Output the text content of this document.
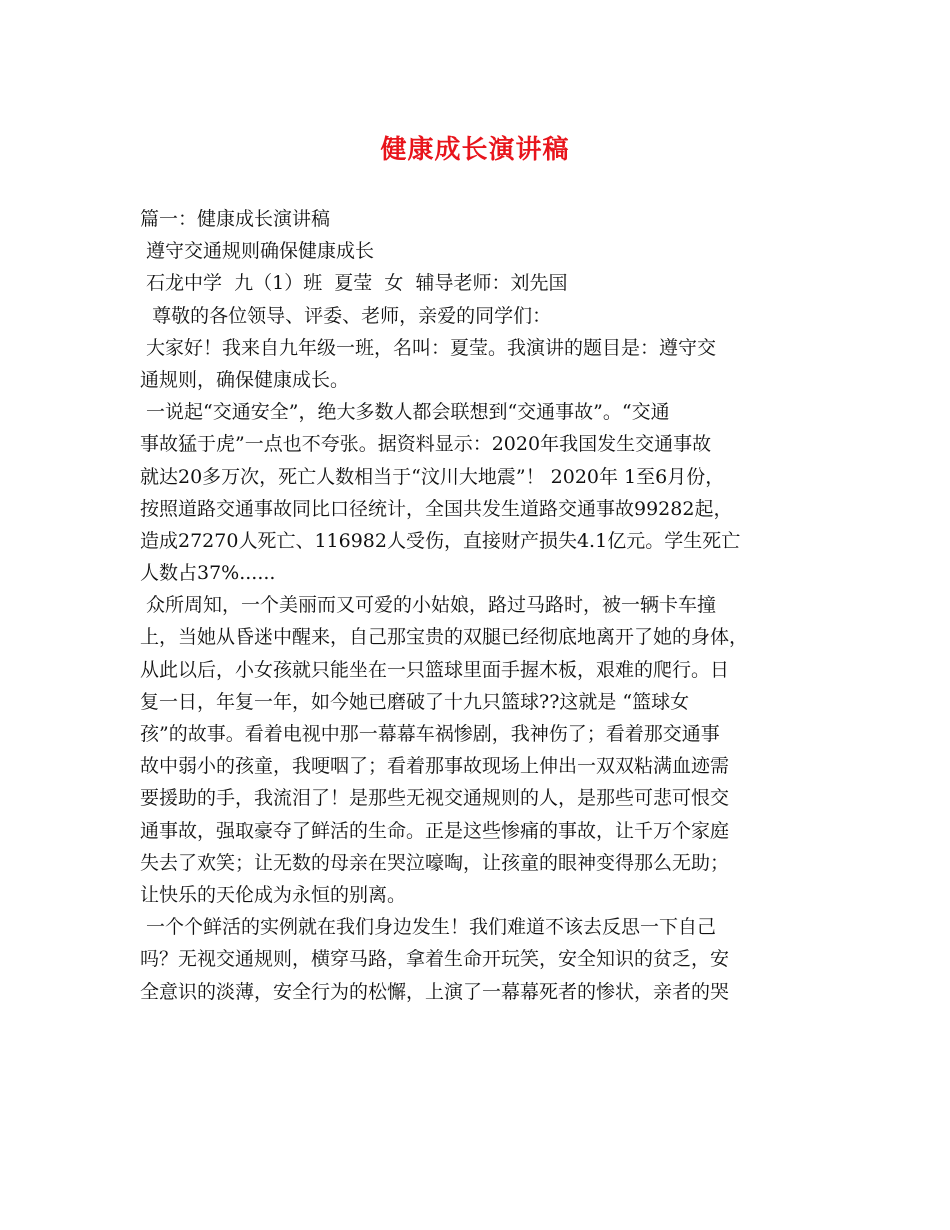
健康成长演讲稿
篇一：健康成长演讲稿
遵守交通规则确保健康成长
石龙中学  九（1）班  夏莹  女  辅导老师：刘先国
尊敬的各位领导、评委、老师，亲爱的同学们：
大家好！我来自九年级一班，名叫：夏莹。我演讲的题目是：遵守交
通规则，确保健康成长。
一说起“交通安全”，绝大多数人都会联想到“交通事故”。“交通
事故猛于虎”一点也不夸张。据资料显示：2020年我国发生交通事故
就达20多万次，死亡人数相当于“汶川大地震”！ 2020年 1至6月份，
按照道路交通事故同比口径统计，全国共发生道路交通事故99282起，
造成27270人死亡、116982人受伤，直接财产损失4.1亿元。学生死亡
人数占37%......
众所周知，一个美丽而又可爱的小姑娘，路过马路时，被一辆卡车撞
上，当她从昏迷中醒来，自己那宝贵的双腿已经彻底地离开了她的身体，
从此以后，小女孩就只能坐在一只篮球里面手握木板，艰难的爬行。日
复一日，年复一年，如今她已磨破了十九只篮球??这就是 “篮球女
孩”的故事。看着电视中那一幕幕车祸惨剧，我神伤了；看着那交通事
故中弱小的孩童，我哽咽了；看着那事故现场上伸出一双双粘满血迹需
要援助的手，我流泪了！是那些无视交通规则的人，是那些可悲可恨交
通事故，强取豪夺了鲜活的生命。正是这些惨痛的事故，让千万个家庭
失去了欢笑；让无数的母亲在哭泣嚎啕，让孩童的眼神变得那么无助；
让快乐的天伦成为永恒的别离。
一个个鲜活的实例就在我们身边发生！我们难道不该去反思一下自己
吗？无视交通规则，横穿马路，拿着生命开玩笑，安全知识的贫乏，安
全意识的淡薄，安全行为的松懈，上演了一幕幕死者的惨状，亲者的哭
